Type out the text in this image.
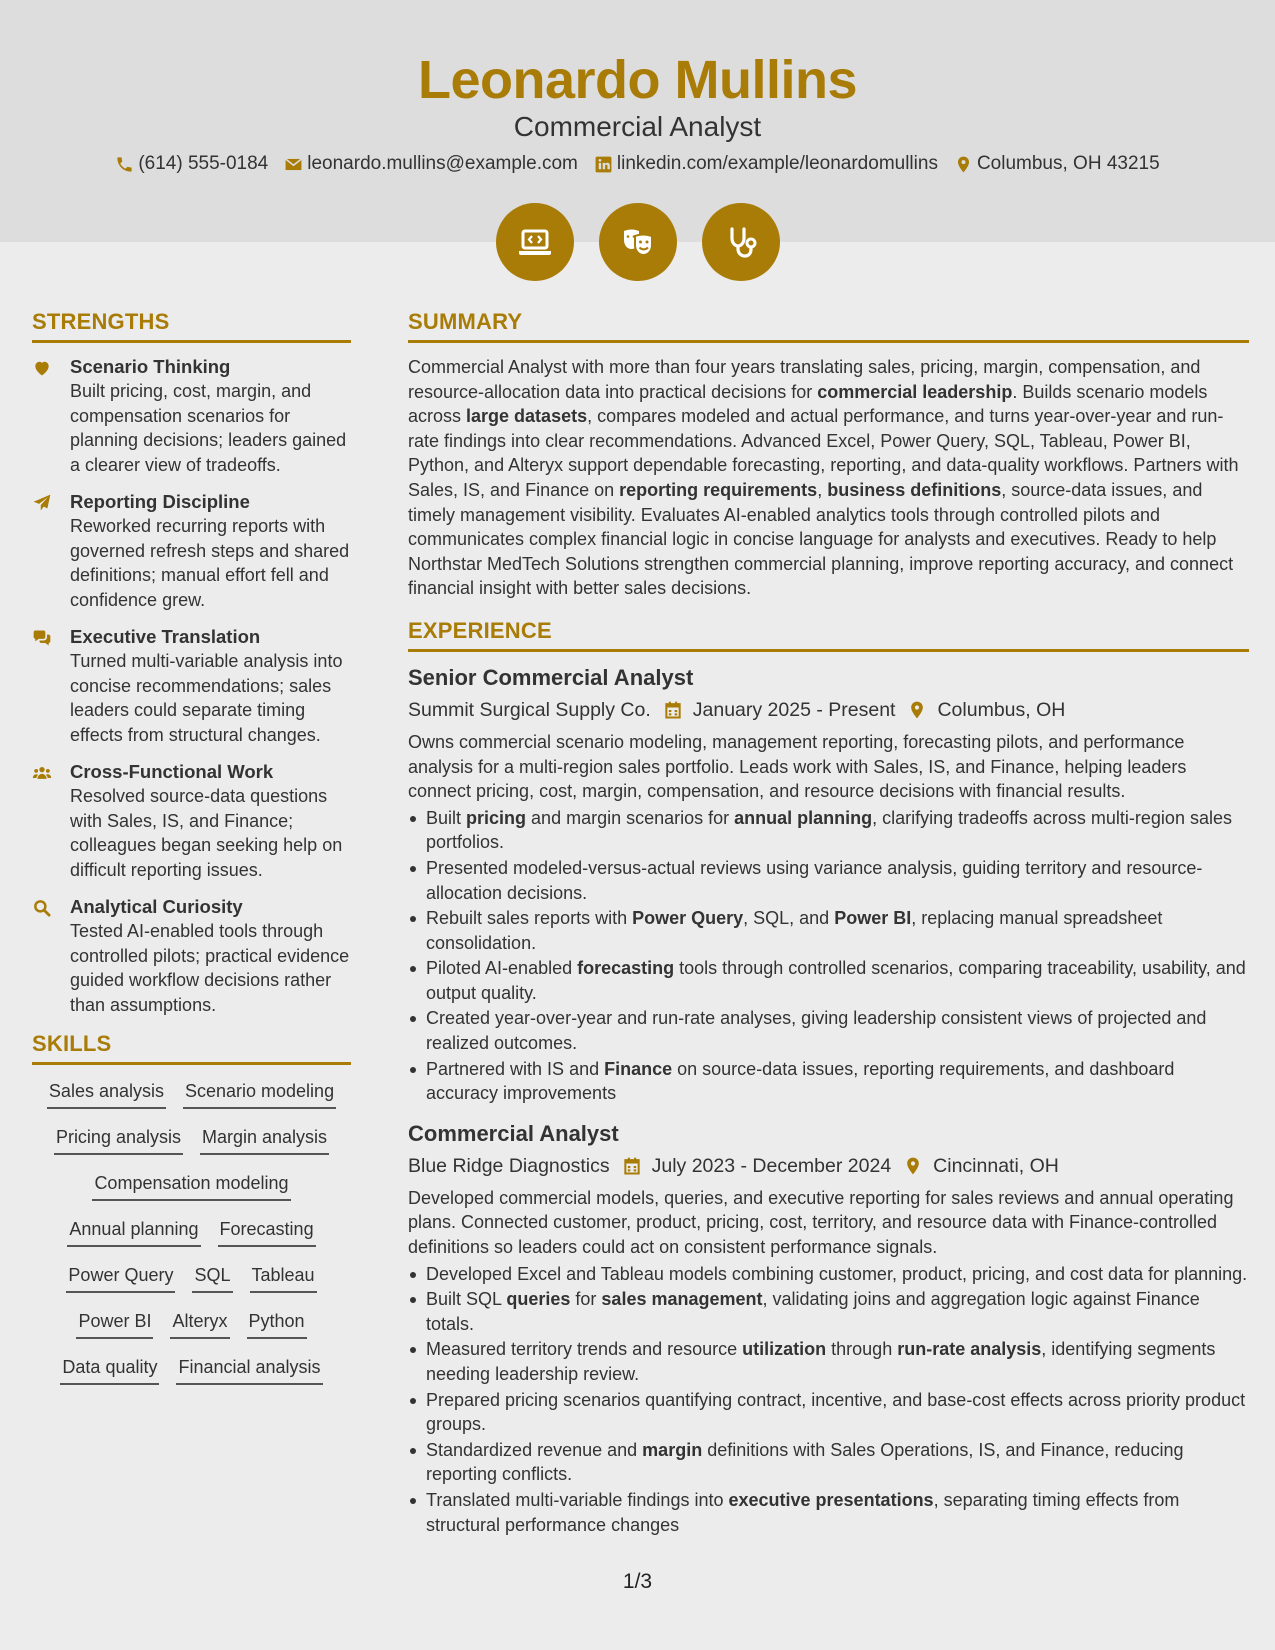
Leonardo Mullins
Commercial Analyst
(614) 555-0184 leonardo.mullins@example.com linkedin.com/example/leonardomullins Columbus, OH 43215
STRENGTHS
Scenario Thinking
Built pricing, cost, margin, and compensation scenarios for planning decisions; leaders gained a clearer view of tradeoffs.
Reporting Discipline
Reworked recurring reports with governed refresh steps and shared definitions; manual effort fell and confidence grew.
Executive Translation
Turned multi-variable analysis into concise recommendations; sales leaders could separate timing effects from structural changes.
Cross-Functional Work
Resolved source-data questions with Sales, IS, and Finance; colleagues began seeking help on difficult reporting issues.
Analytical Curiosity
Tested AI-enabled tools through controlled pilots; practical evidence guided workflow decisions rather than assumptions.
SKILLS
Sales analysis Scenario modeling
Pricing analysis Margin analysis
Compensation modeling
Annual planning Forecasting
Power Query SQL Tableau
Power BI Alteryx Python
Data quality Financial analysis
SUMMARY
Commercial Analyst with more than four years translating sales, pricing, margin, compensation, and resource-allocation data into practical decisions for commercial leadership. Builds scenario models across large datasets, compares modeled and actual performance, and turns year-over-year and run-rate findings into clear recommendations. Advanced Excel, Power Query, SQL, Tableau, Power BI, Python, and Alteryx support dependable forecasting, reporting, and data-quality workflows. Partners with Sales, IS, and Finance on reporting requirements, business definitions, source-data issues, and timely management visibility. Evaluates AI-enabled analytics tools through controlled pilots and communicates complex financial logic in concise language for analysts and executives. Ready to help Northstar MedTech Solutions strengthen commercial planning, improve reporting accuracy, and connect financial insight with better sales decisions.
EXPERIENCE
Senior Commercial Analyst
Summit Surgical Supply Co. January 2025 - Present Columbus, OH
Owns commercial scenario modeling, management reporting, forecasting pilots, and performance analysis for a multi-region sales portfolio. Leads work with Sales, IS, and Finance, helping leaders connect pricing, cost, margin, compensation, and resource decisions with financial results.
Built pricing and margin scenarios for annual planning, clarifying tradeoffs across multi-region sales portfolios.
Presented modeled-versus-actual reviews using variance analysis, guiding territory and resource-allocation decisions.
Rebuilt sales reports with Power Query, SQL, and Power BI, replacing manual spreadsheet consolidation.
Piloted AI-enabled forecasting tools through controlled scenarios, comparing traceability, usability, and output quality.
Created year-over-year and run-rate analyses, giving leadership consistent views of projected and realized outcomes.
Partnered with IS and Finance on source-data issues, reporting requirements, and dashboard accuracy improvements
Commercial Analyst
Blue Ridge Diagnostics July 2023 - December 2024 Cincinnati, OH
Developed commercial models, queries, and executive reporting for sales reviews and annual operating plans. Connected customer, product, pricing, cost, territory, and resource data with Finance-controlled definitions so leaders could act on consistent performance signals.
Developed Excel and Tableau models combining customer, product, pricing, and cost data for planning.
Built SQL queries for sales management, validating joins and aggregation logic against Finance totals.
Measured territory trends and resource utilization through run-rate analysis, identifying segments needing leadership review.
Prepared pricing scenarios quantifying contract, incentive, and base-cost effects across priority product groups.
Standardized revenue and margin definitions with Sales Operations, IS, and Finance, reducing reporting conflicts.
Translated multi-variable findings into executive presentations, separating timing effects from structural performance changes
1/3
